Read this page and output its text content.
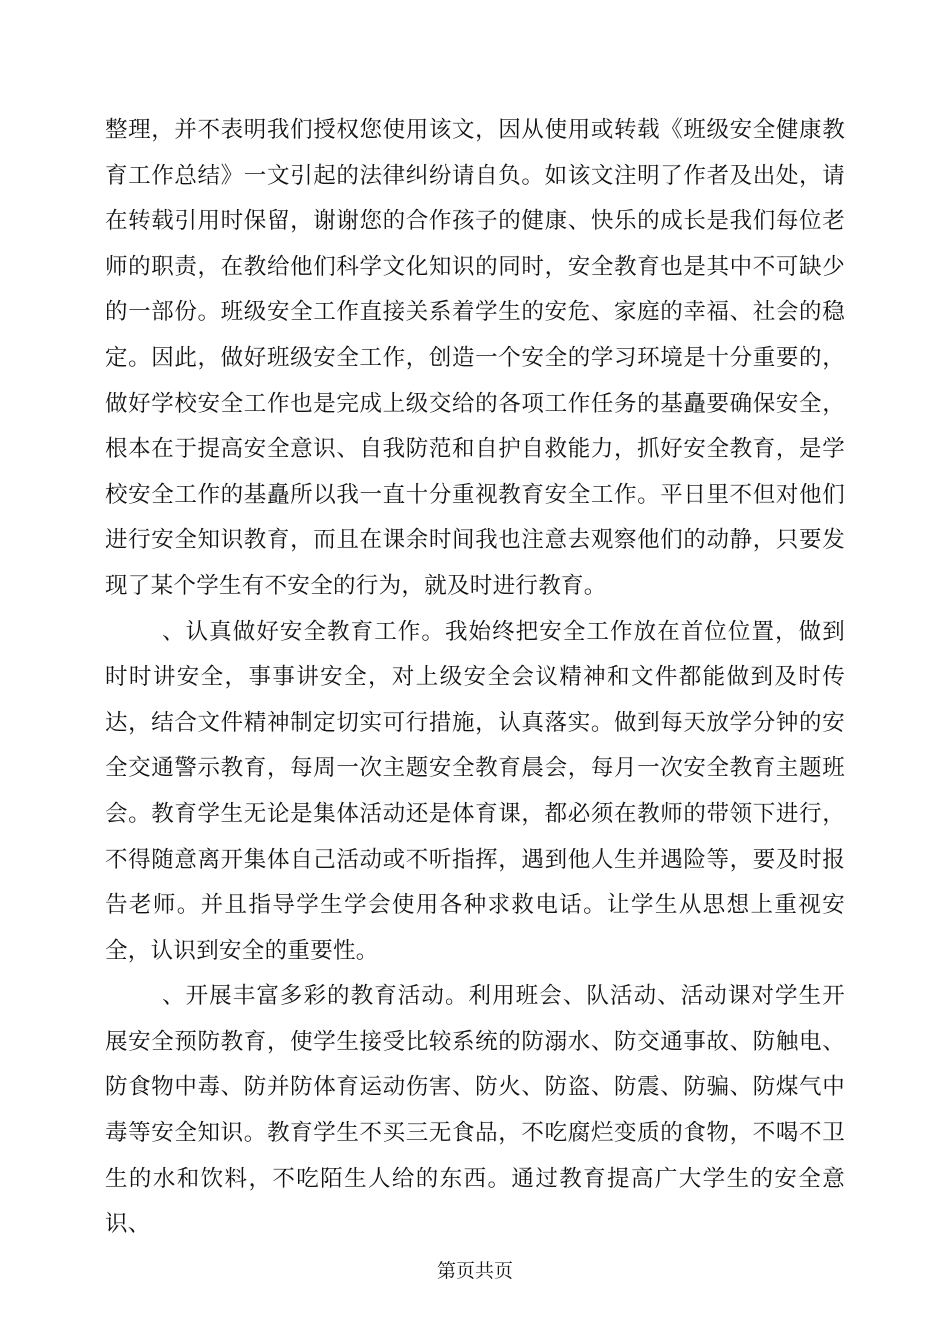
整理，并不表明我们授权您使用该文，因从使用或转载《班级安全健康教育工作总结》一文引起的法律纠纷请自负。如该文注明了作者及出处，请在转载引用时保留，谢谢您的合作孩子的健康、快乐的成长是我们每位老师的职责，在教给他们科学文化知识的同时，安全教育也是其中不可缺少的一部份。班级安全工作直接关系着学生的安危、家庭的幸福、社会的稳定。因此，做好班级安全工作，创造一个安全的学习环境是十分重要的，做好学校安全工作也是完成上级交给的各项工作任务的基矗要确保安全，根本在于提高安全意识、自我防范和自护自救能力，抓好安全教育，是学校安全工作的基矗所以我一直十分重视教育安全工作。平日里不但对他们进行安全知识教育，而且在课余时间我也注意去观察他们的动静，只要发现了某个学生有不安全的行为，就及时进行教育。

、认真做好安全教育工作。我始终把安全工作放在首位位置，做到时时讲安全，事事讲安全，对上级安全会议精神和文件都能做到及时传达，结合文件精神制定切实可行措施，认真落实。做到每天放学分钟的安全交通警示教育，每周一次主题安全教育晨会，每月一次安全教育主题班会。教育学生无论是集体活动还是体育课，都必须在教师的带领下进行，不得随意离开集体自己活动或不听指挥，遇到他人生并遇险等，要及时报告老师。并且指导学生学会使用各种求救电话。让学生从思想上重视安全，认识到安全的重要性。

、开展丰富多彩的教育活动。利用班会、队活动、活动课对学生开展安全预防教育，使学生接受比较系统的防溺水、防交通事故、防触电、防食物中毒、防并防体育运动伤害、防火、防盗、防震、防骗、防煤气中毒等安全知识。教育学生不买三无食品，不吃腐烂变质的食物，不喝不卫生的水和饮料，不吃陌生人给的东西。通过教育提高广大学生的安全意识、

第页共页
